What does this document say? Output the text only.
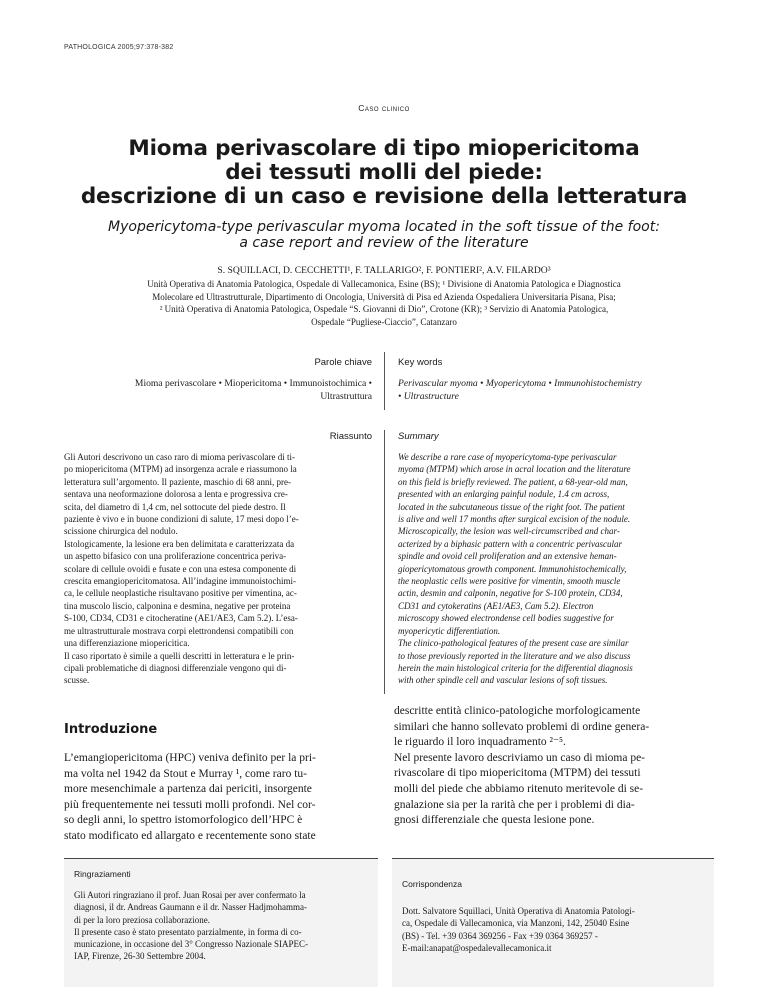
PATHOLOGICA 2005;97:378-382
Caso clinico
Mioma perivascolare di tipo miopericitoma
dei tessuti molli del piede:
descrizione di un caso e revisione della letteratura
Myopericytoma-type perivascular myoma located in the soft tissue of the foot:
a case report and review of the literature
S. SQUILLACI, D. CECCHETTI¹, F. TALLARIGO², F. PONTIERI², A.V. FILARDO³
Unità Operativa di Anatomia Patologica, Ospedale di Vallecamonica, Esine (BS); ¹ Divisione di Anatomia Patologica e Diagnostica
Molecolare ed Ultrastrutturale, Dipartimento di Oncologia, Università di Pisa ed Azienda Ospedaliera Universitaria Pisana, Pisa;
² Unità Operativa di Anatomia Patologica, Ospedale “S. Giovanni di Dio”, Crotone (KR); ³ Servizio di Anatomia Patologica,
Ospedale “Pugliese-Ciaccio”, Catanzaro
Parole chiave
Mioma perivascolare • Miopericitoma • Immunoistochimica •
Ultrastruttura
Key words
Perivascular myoma • Myopericytoma • Immunohistochemistry
• Ultrastructure
Riassunto	Summary
Gli Autori descrivono un caso raro di mioma perivascolare di ti-
po miopericitoma (MTPM) ad insorgenza acrale e riassumono la
letteratura sull’argomento. Il paziente, maschio di 68 anni, pre-
sentava una neoformazione dolorosa a lenta e progressiva cre-
scita, del diametro di 1,4 cm, nel sottocute del piede destro. Il
paziente è vivo e in buone condizioni di salute, 17 mesi dopo l’e-
scissione chirurgica del nodulo.
Istologicamente, la lesione era ben delimitata e caratterizzata da
un aspetto bifasico con una proliferazione concentrica periva-
scolare di cellule ovoidi e fusate e con una estesa componente di
crescita emangiopericitomatosa. All’indagine immunoistochimi-
ca, le cellule neoplastiche risultavano positive per vimentina, ac-
tina muscolo liscio, calponina e desmina, negative per proteina
S-100, CD34, CD31 e citocheratine (AE1/AE3, Cam 5.2). L’esa-
me ultrastrutturale mostrava corpi elettrondensi compatibili con
una differenziazione miopericitica.
Il caso riportato è simile a quelli descritti in letteratura e le prin-
cipali problematiche di diagnosi differenziale vengono qui di-
scusse.
We describe a rare case of myopericytoma-type perivascular
myoma (MTPM) which arose in acral location and the literature
on this field is briefly reviewed. The patient, a 68-year-old man,
presented with an enlarging painful nodule, 1.4 cm across,
located in the subcutaneous tissue of the right foot. The patient
is alive and well 17 months after surgical excision of the nodule.
Microscopically, the lesion was well-circumscribed and char-
acterized by a biphasic pattern with a concentric perivascular
spindle and ovoid cell proliferation and an extensive heman-
giopericytomatous growth component. Immunohistochemically,
the neoplastic cells were positive for vimentin, smooth muscle
actin, desmin and calponin, negative for S-100 protein, CD34,
CD31 and cytokeratins (AE1/AE3, Cam 5.2). Electron
microscopy showed electrondense cell bodies suggestive for
myopericytic differentiation.
The clinico-pathological features of the present case are similar
to those previously reported in the literature and we also discuss
herein the main histological criteria for the differential diagnosis
with other spindle cell and vascular lesions of soft tissues.
Introduzione
L’emangiopericitoma (HPC) veniva definito per la pri-
ma volta nel 1942 da Stout e Murray ¹, come raro tu-
more mesenchimale a partenza dai periciti, insorgente
più frequentemente nei tessuti molli profondi. Nel cor-
so degli anni, lo spettro istomorfologico dell’HPC è
stato modificato ed allargato e recentemente sono state
descritte entità clinico-patologiche morfologicamente
similari che hanno sollevato problemi di ordine genera-
le riguardo il loro inquadramento ²⁻⁵.
Nel presente lavoro descriviamo un caso di mioma pe-
rivascolare di tipo miopericitoma (MTPM) dei tessuti
molli del piede che abbiamo ritenuto meritevole di se-
gnalazione sia per la rarità che per i problemi di dia-
gnosi differenziale che questa lesione pone.
Ringraziamenti
Gli Autori ringraziano il prof. Juan Rosai per aver confermato la
diagnosi, il dr. Andreas Gaumann e il dr. Nasser Hadjmohamma-
di per la loro preziosa collaborazione.
Il presente caso è stato presentato parzialmente, in forma di co-
municazione, in occasione del 3° Congresso Nazionale SIAPEC-
IAP, Firenze, 26-30 Settembre 2004.
Corrispondenza
Dott. Salvatore Squillaci, Unità Operativa di Anatomia Patologi-
ca, Ospedale di Vallecamonica, via Manzoni, 142, 25040 Esine
(BS) - Tel. +39 0364 369256 - Fax +39 0364 369257 -
E-mail:anapat@ospedalevallecamonica.it
